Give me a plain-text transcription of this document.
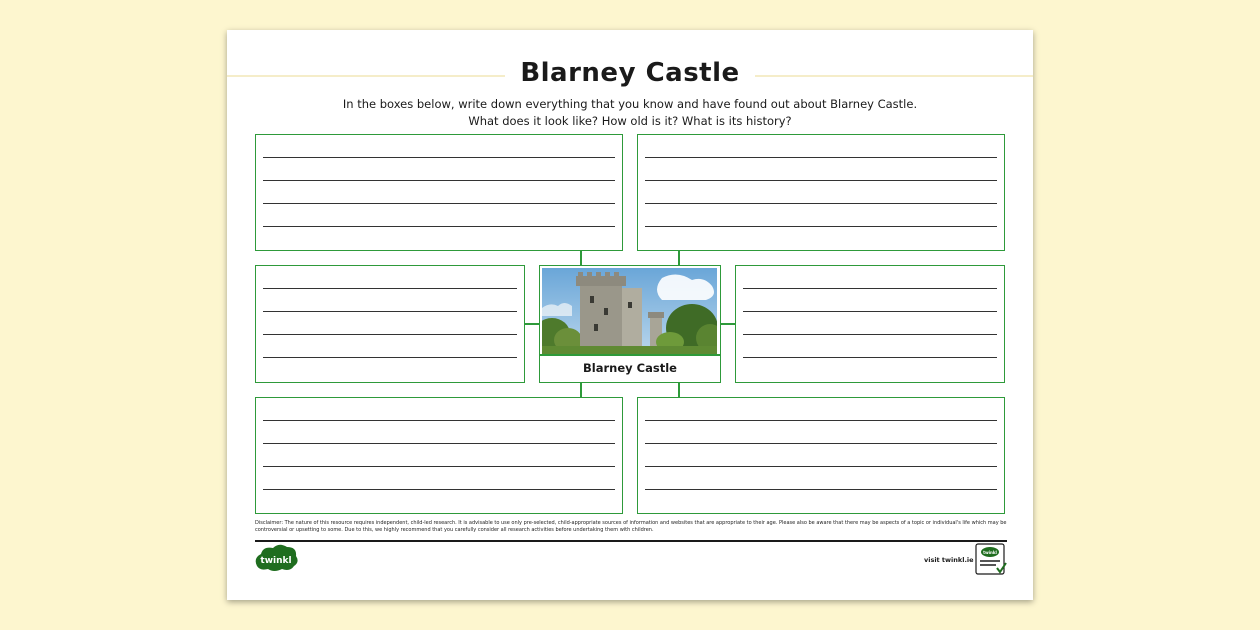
Blarney Castle
In the boxes below, write down everything that you know and have found out about Blarney Castle.
What does it look like? How old is it? What is its history?
Blarney Castle
Disclaimer: The nature of this resource requires independent, child-led research. It is advisable to use only pre-selected, child-appropriate sources of information and websites that are appropriate to their age. Please also be aware that there may be aspects of a topic or individual's life which may be controversial or upsetting to some. Due to this, we highly recommend that you carefully consider all research activities before undertaking them with children.
twinkl	visit twinkl.ie
twinkl
